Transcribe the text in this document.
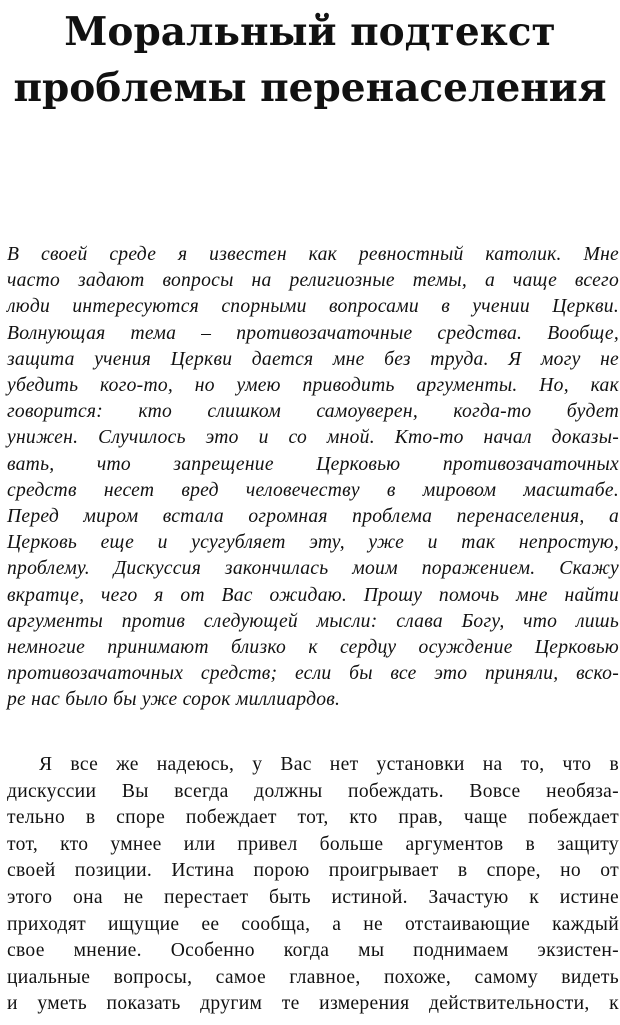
Моральный подтекст
проблемы перенаселения
В своей среде я известен как ревностный католик. Мне
часто задают вопросы на религиозные темы, а чаще всего
люди интересуются спорными вопросами в учении Церкви.
Волнующая тема – противозачаточные средства. Вообще,
защита учения Церкви дается мне без труда. Я могу не
убедить кого-то, но умею приводить аргументы. Но, как
говорится: кто слишком самоуверен, когда-то будет
унижен. Случилось это и со мной. Кто-то начал доказы-
вать, что запрещение Церковью противозачаточных
средств несет вред человечеству в мировом масштабе.
Перед миром встала огромная проблема перенаселения, а
Церковь еще и усугубляет эту, уже и так непростую,
проблему. Дискуссия закончилась моим поражением. Скажу
вкратце, чего я от Вас ожидаю. Прошу помочь мне найти
аргументы против следующей мысли: слава Богу, что лишь
немногие принимают близко к сердцу осуждение Церковью
противозачаточных средств; если бы все это приняли, вско-
ре нас было бы уже сорок миллиардов.
Я все же надеюсь, у Вас нет установки на то, что в
дискуссии Вы всегда должны побеждать. Вовсе необяза-
тельно в споре побеждает тот, кто прав, чаще побеждает
тот, кто умнее или привел больше аргументов в защиту
своей позиции. Истина порою проигрывает в споре, но от
этого она не перестает быть истиной. Зачастую к истине
приходят ищущие ее сообща, а не отстаивающие каждый
свое мнение. Особенно когда мы поднимаем экзистен-
циальные вопросы, самое главное, похоже, самому видеть
и уметь показать другим те измерения действительности, к
